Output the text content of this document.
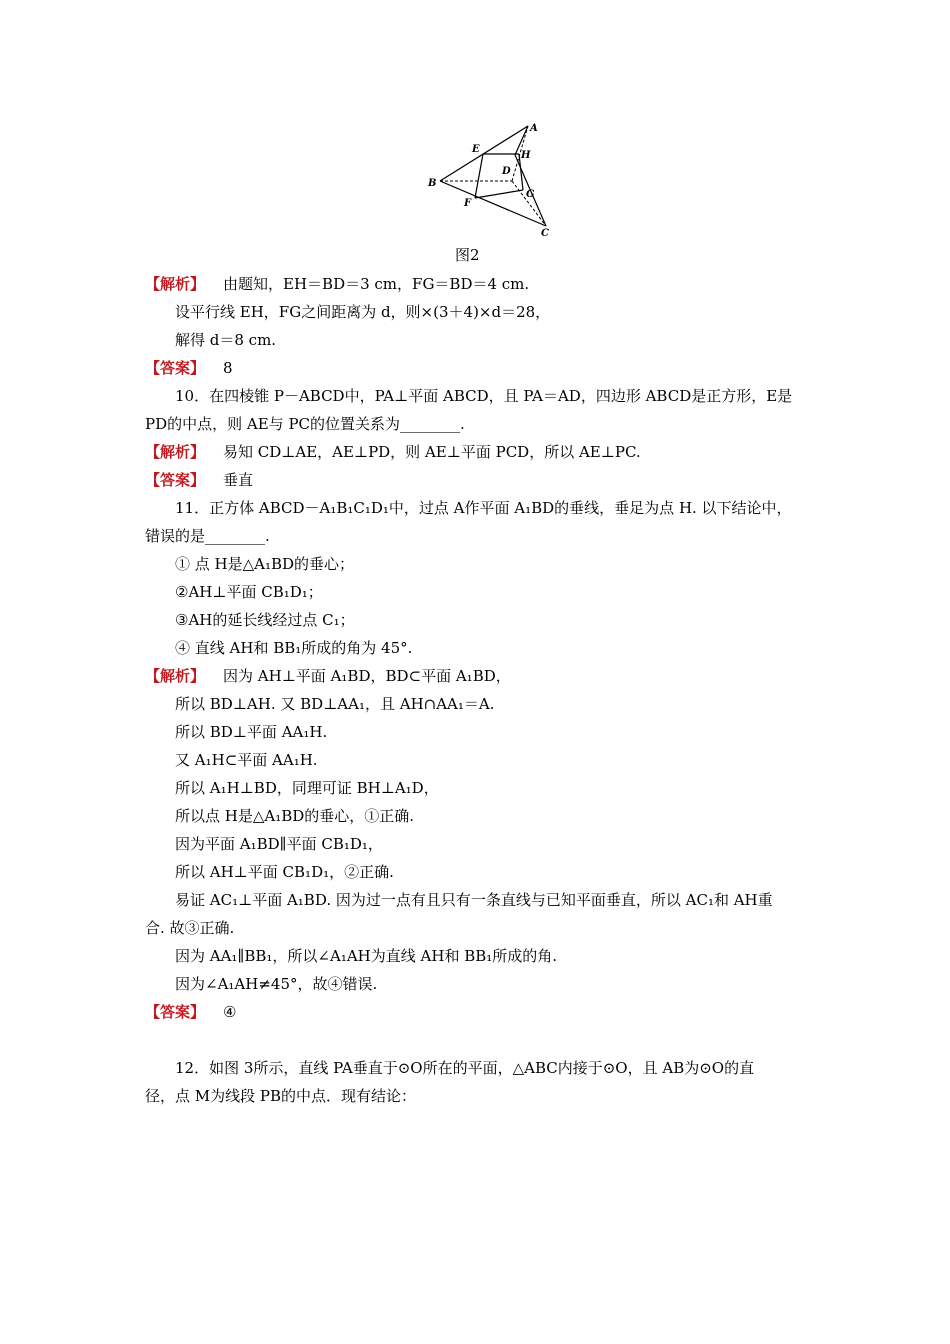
A
B
C
D
E
F
G
H
图2
【解析】 由题知，EH＝BD＝3 cm，FG＝BD＝4 cm.
设平行线 EH，FG之间距离为 d，则×(3＋4)×d＝28，
解得 d＝8 cm.
【答案】 8
10．在四棱锥 P－ABCD中，PA⊥平面 ABCD，且 PA＝AD，四边形 ABCD是正方形，E是
PD的中点，则 AE与 PC的位置关系为________.
【解析】 易知 CD⊥AE，AE⊥PD，则 AE⊥平面 PCD，所以 AE⊥PC.
【答案】 垂直
11．正方体 ABCD－A₁B₁C₁D₁中，过点 A作平面 A₁BD的垂线，垂足为点 H. 以下结论中，
错误的是________.
① 点 H是△A₁BD的垂心；
②AH⊥平面 CB₁D₁；
③AH的延长线经过点 C₁；
④ 直线 AH和 BB₁所成的角为 45°.
【解析】 因为 AH⊥平面 A₁BD，BD⊂平面 A₁BD，
所以 BD⊥AH. 又 BD⊥AA₁，且 AH∩AA₁＝A.
所以 BD⊥平面 AA₁H.
又 A₁H⊂平面 AA₁H.
所以 A₁H⊥BD，同理可证 BH⊥A₁D，
所以点 H是△A₁BD的垂心，①正确.
因为平面 A₁BD∥平面 CB₁D₁，
所以 AH⊥平面 CB₁D₁，②正确.
易证 AC₁⊥平面 A₁BD. 因为过一点有且只有一条直线与已知平面垂直，所以 AC₁和 AH重
合. 故③正确.
因为 AA₁∥BB₁，所以∠A₁AH为直线 AH和 BB₁所成的角.
因为∠A₁AH≠45°，故④错误.
【答案】 ④
12．如图 3所示，直线 PA垂直于⊙O所在的平面，△ABC内接于⊙O，且 AB为⊙O的直
径，点 M为线段 PB的中点．现有结论：
